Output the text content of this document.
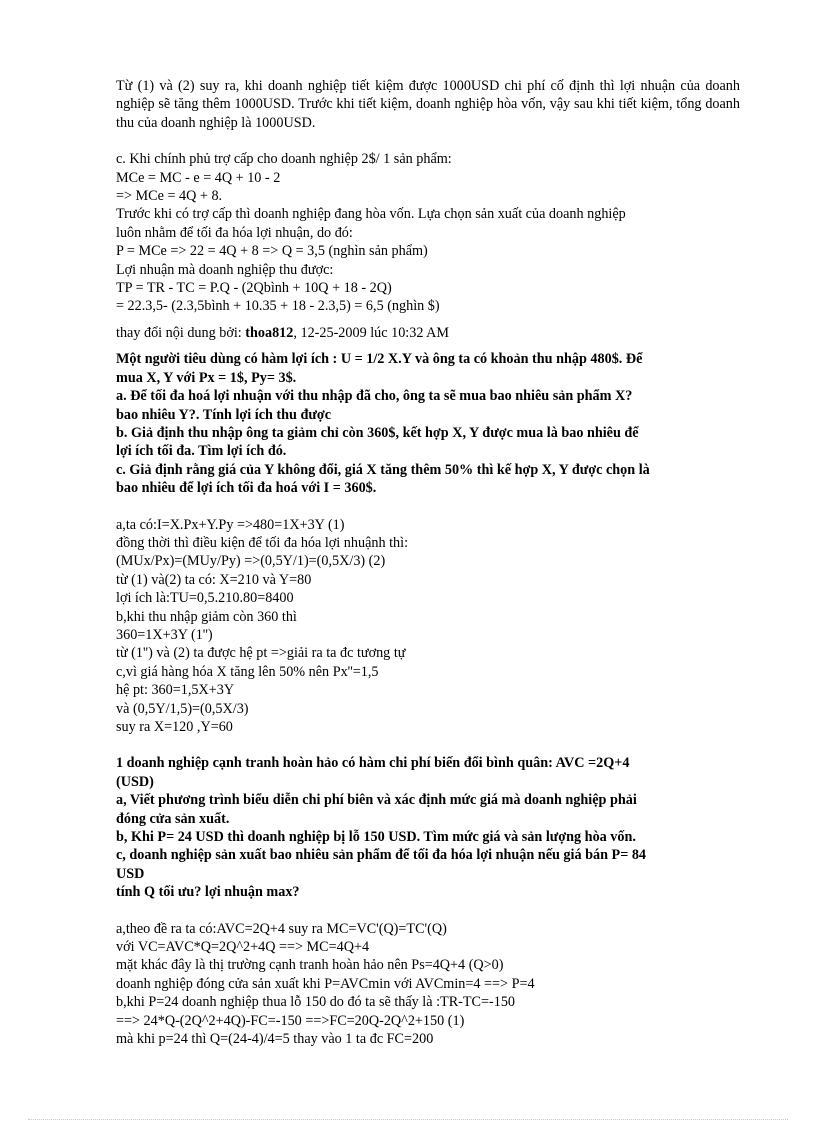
Từ (1) và (2) suy ra, khi doanh nghiệp tiết kiệm được 1000USD chi phí cố định thì lợi nhuận của doanh nghiệp sẽ tăng thêm 1000USD. Trước khi tiết kiệm, doanh nghiệp hòa vốn, vậy sau khi tiết kiệm, tổng doanh thu của doanh nghiệp là 1000USD.

c. Khi chính phủ trợ cấp cho doanh nghiệp 2$/ 1 sản phẩm:

MCe = MC - e = 4Q + 10 - 2

=> MCe = 4Q + 8.

Trước khi có trợ cấp thì doanh nghiệp đang hòa vốn. Lựa chọn sản xuất của doanh nghiệp

luôn nhằm để tối đa hóa lợi nhuận, do đó:

P = MCe => 22 = 4Q + 8 => Q = 3,5 (nghìn sản phẩm)

Lợi nhuận mà doanh nghiệp thu được:

TP = TR - TC = P.Q - (2Qbình + 10Q + 18 - 2Q)

= 22.3,5- (2.3,5bình + 10.35 + 18 - 2.3,5) = 6,5 (nghìn $)

thay đổi nội dung bởi: thoa812, 12-25-2009 lúc 10:32 AM

Một người tiêu dùng có hàm lợi ích : U = 1/2 X.Y và ông ta có khoản thu nhập 480$. Để

mua X, Y với Px = 1$, Py= 3$.

a. Để tối đa hoá lợi nhuận với thu nhập đã cho, ông ta sẽ mua bao nhiêu sản phẩm X?

bao nhiêu Y?. Tính lợi ích thu được

b. Giả định thu nhập ông ta giảm chỉ còn 360$, kết hợp X, Y được mua là bao nhiêu để

lợi ích tối đa. Tìm lợi ích đó.

c. Giả định rằng giá của Y không đổi, giá X tăng thêm 50% thì kế hợp X, Y được chọn là

bao nhiêu để lợi ích tối đa hoá với I = 360$.

a,ta có:I=X.Px+Y.Py =>480=1X+3Y (1)

đồng thời thì điều kiện để tối đa hóa lợi nhuậnh thì:

(MUx/Px)=(MUy/Py) =>(0,5Y/1)=(0,5X/3) (2)

từ (1) và(2) ta có: X=210 và Y=80

lợi ích là:TU=0,5.210.80=8400

b,khi thu nhập giảm còn 360 thì

360=1X+3Y (1'')

từ (1'') và (2) ta được hệ pt =>giải ra ta đc tương tự

c,vì giá hàng hóa X tăng lên 50% nên Px''=1,5

hệ pt: 360=1,5X+3Y

và (0,5Y/1,5)=(0,5X/3)

suy ra X=120 ,Y=60

1 doanh nghiệp cạnh tranh hoàn hảo có hàm chi phí biến đổi bình quân: AVC =2Q+4

(USD)

a, Viết phương trình biểu diễn chi phí biên và xác định mức giá mà doanh nghiệp phải

đóng cửa sản xuất.

b, Khi P= 24 USD thì doanh nghiệp bị lỗ 150 USD. Tìm mức giá và sản lượng hòa vốn.

c, doanh nghiệp sản xuất bao nhiêu sản phẩm để tối đa hóa lợi nhuận nếu giá bán P= 84

USD

tính Q tối ưu? lợi nhuận max?

a,theo đề ra ta có:AVC=2Q+4 suy ra MC=VC'(Q)=TC'(Q)

với VC=AVC*Q=2Q^2+4Q ==> MC=4Q+4

mặt khác đây là thị trường cạnh tranh hoàn hảo nên Ps=4Q+4 (Q>0)

doanh nghiệp đóng cửa sản xuất khi P=AVCmin với AVCmin=4 ==> P=4

b,khi P=24 doanh nghiệp thua lỗ 150 do đó ta sẽ thấy là :TR-TC=-150

==> 24*Q-(2Q^2+4Q)-FC=-150 ==>FC=20Q-2Q^2+150 (1)

mà khi p=24 thì Q=(24-4)/4=5 thay vào 1 ta đc FC=200
